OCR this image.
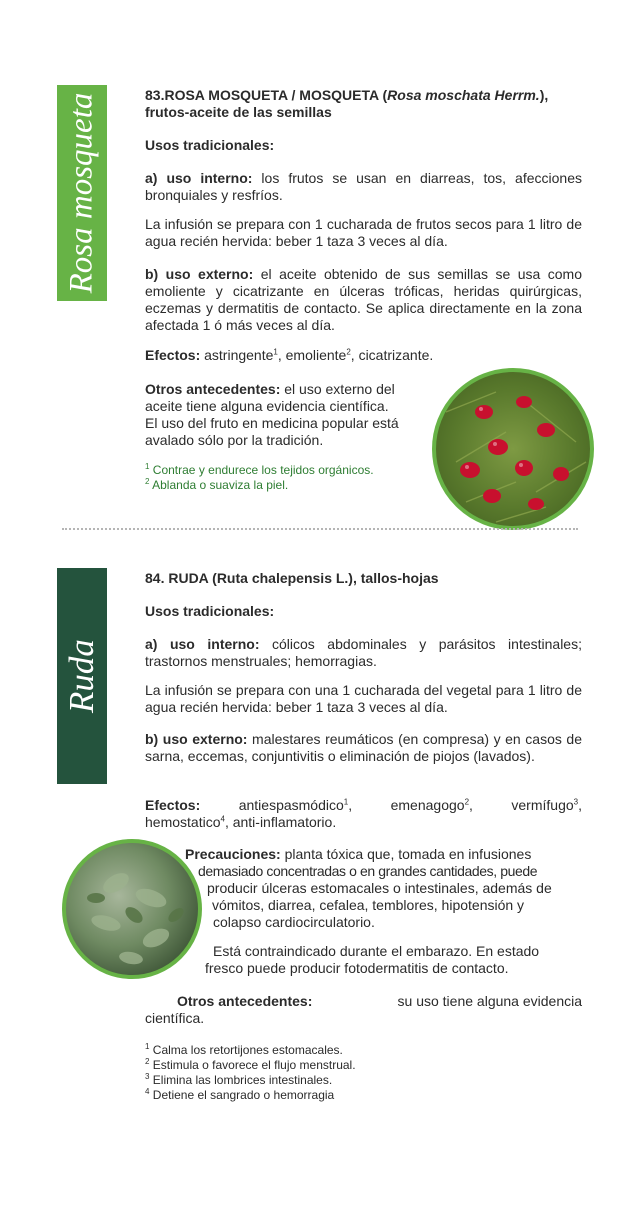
Rosa mosqueta	83.ROSA MOSQUETA / MOSQUETA (Rosa moschata Herrm.),
frutos-aceite de las semillas

Usos tradicionales:

a) uso interno: los frutos se usan en diarreas, tos, afecciones bronquiales y resfríos.

La infusión se prepara con 1 cucharada de frutos secos para 1 litro de agua recién hervida: beber 1 taza 3 veces al día.

b) uso externo: el aceite obtenido de sus semillas se usa como emoliente y cicatrizante en úlceras tróficas, heridas quirúrgicas, eczemas y dermatitis de contacto. Se aplica directamente en la zona afectada 1 ó más veces al día.

Efectos: astringente$^1$, emoliente$^2$, cicatrizante.

Otros antecedentes: el uso externo del
aceite tiene alguna evidencia científica.
El uso del fruto en medicina popular está
avalado sólo por la tradición.

$^1$ Contrae y endurece los tejidos orgánicos.
$^2$ Ablanda o suaviza la piel.

Ruda

84. RUDA (Ruta chalepensis L.), tallos-hojas

Usos tradicionales:

a) uso interno: cólicos abdominales y parásitos intestinales; trastornos menstruales; hemorragias.

La infusión se prepara con una 1 cucharada del vegetal para 1 litro de agua recién hervida: beber 1 taza 3 veces al día.

b) uso externo: malestares reumáticos (en compresa) y en casos de sarna, eccemas, conjuntivitis o eliminación de piojos (lavados).

Efectos:	antiespasmódico$^1$,	emenagogo$^2$,	vermífugo$^3$,
hemostatico$^4$, anti-inflamatorio.
Precauciones: planta tóxica que, tomada en infusiones
demasiado concentradas o en grandes cantidades, puede
producir úlceras estomacales o intestinales, además de
vómitos, diarrea, cefalea, temblores, hipotensión y
colapso cardiocirculatorio.
Está contraindicado durante el embarazo. En estado
fresco puede producir fotodermatitis de contacto.
Otros antecedentes:	su uso tiene alguna evidencia
científica.

$^1$ Calma los retortijones estomacales.
$^2$ Estimula o favorece el flujo menstrual.
$^3$ Elimina las lombrices intestinales.
$^4$ Detiene el sangrado o hemorragia
